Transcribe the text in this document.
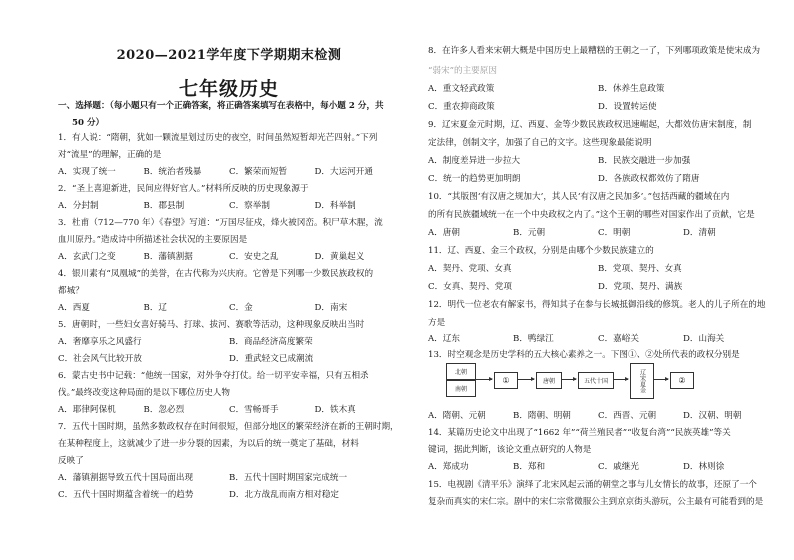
2020—2021学年度下学期期末检测
七年级历史
一、选择题：（每小题只有一个正确答案，将正确答案填写在表格中，每小题 2 分，共
50 分）
1．有人说：“隋朝，犹如一颗流星划过历史的夜空，时间虽然短暂却光芒四射。”下列
对“流星”的理解，正确的是
A．实现了统一	B．统治者残暴	C．繁荣而短暂	D．大运河开通
2．“圣上喜迎新进，民间应得好官人。”材料所反映的历史现象源于
A．分封制	B．郡县制	C．察举制	D．科举制
3．杜甫（712—770 年）《春望》写道：“万国尽征戍，烽火被冈峦。积尸草木腥，流
血川原丹。”造成诗中所描述社会状况的主要原因是
A．玄武门之变	B．藩镇割据	C．安史之乱	D．黄巢起义
4．银川素有“凤凰城”的美誉，在古代称为兴庆府。它曾是下列哪一少数民族政权的
都城？
A．西夏	B．辽	C．金	D．南宋
5．唐朝时，一些妇女喜好骑马、打球、拔河、赛歌等活动，这种现象反映出当时
A．奢靡享乐之风盛行	B．商品经济高度繁荣
C．社会风气比较开放	D．重武轻文已成潮流
6．蒙古史书中记载：“他统一国家，对外争夺打仗。给一切平安幸福，只有五相杀
伐。”最终改变这种局面的是以下哪位历史人物
A．耶律阿保机	B．忽必烈	C．雪畅哥手	D．铁木真
7．五代十国时期，虽然多数政权存在时间很短，但部分地区的繁荣经济在新的王朝时期，
在某种程度上，这就减少了进一步分裂的因素，为以后的统一奠定了基础，材料
反映了
A．藩镇割据导致五代十国局面出现	B．五代十国时期国家完成统一
C．五代十国时期蕴含着统一的趋势	D．北方战乱而南方相对稳定
8．在许多人看来宋朝大概是中国历史上最糟糕的王朝之一了，下列哪项政策是使宋成为
“弱宋”的主要原因
A．重文轻武政策	B．休养生息政策
C．重农抑商政策	D．设置转运使
9．辽宋夏金元时期，辽、西夏、金等少数民族政权迅速崛起，大都效仿唐宋制度，制
定法律，创制文字，加强了自己的文字。这些现象最能说明
A．制度差异进一步拉大	B．民族交融进一步加强
C．统一的趋势更加明朗	D．各族政权都效仿了隋唐
10．“其版图‘有汉唐之规加大’，其人民‘有汉唐之民加多’。”包括西藏的疆域在内
的所有民族疆域统一在一个中央政权之内了。”这个王朝的哪些对国家作出了贡献，它是
A．唐朝	B．元朝	C．明朝	D．清朝
11．辽、西夏、金三个政权，分别是由哪个少数民族建立的
A．契丹、党项、女真	B．党项、契丹、女真
C．女真、契丹、党项	D．党项、契丹、满族
12．明代一位老农有解家书，得知其子在参与长城抵御沿线的修筑。老人的儿子所在的地
方是
A．辽东	B．鸭绿江	C．嘉峪关	D．山海关
13．时空观念是历史学科的五大核心素养之一。下图①、②处所代表的政权分别是
A．隋朝、元朝	B．隋朝、明朝	C．西晋、元朝	D．汉朝、明朝
14．某篇历史论文中出现了“1662 年”“荷兰殖民者”“收复台湾”“民族英雄”等关
键词，据此判断，该论文重点研究的人物是
A．郑成功	B．郑和	C．戚继光	D．林则徐
15．电视剧《清平乐》演绎了北宋风起云涌的朝堂之事与儿女情长的故事，还原了一个
复杂而真实的宋仁宗。剧中的宋仁宗常微服公主到京京街头游玩，公主最有可能看到的是
北朝
南朝
①	唐朝	五代十国	辽宋夏金	②
